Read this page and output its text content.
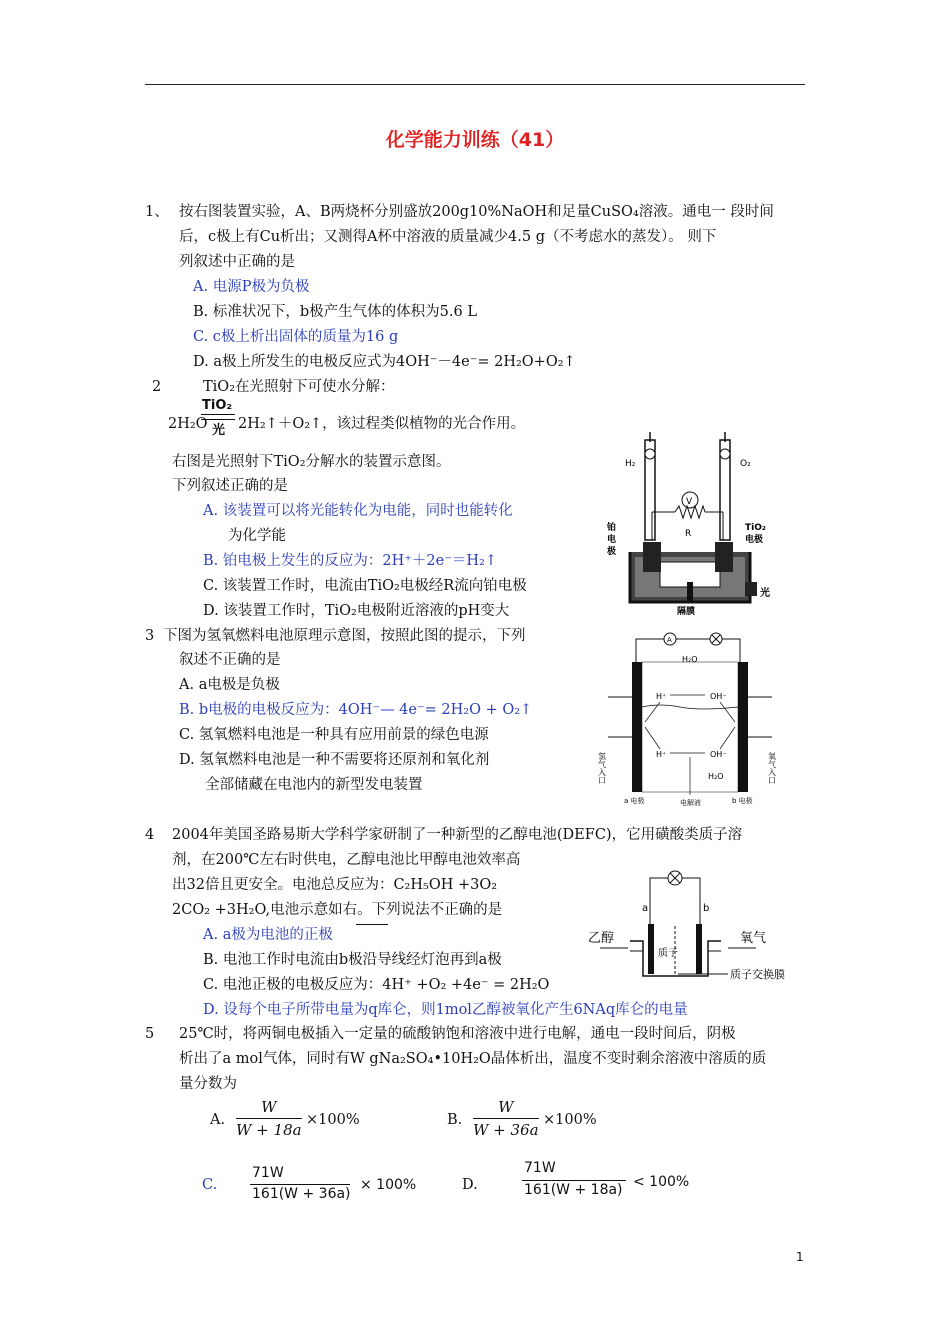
化学能力训练（41）
1、 按右图装置实验，A、B两烧杯分别盛放200g10%NaOH和足量CuSO₄溶液。通电一 段时间
后，c极上有Cu析出；又测得A杯中溶液的质量减少4.5 g（不考虑水的蒸发）。 则下
列叙述中正确的是
A. 电源P极为负极
B. 标准状况下，b极产生气体的体积为5.6 L
C. c极上析出固体的质量为16 g
D. a极上所发生的电极反应式为4OH⁻－4e⁻= 2H₂O+O₂↑
2	TiO₂在光照射下可使水分解：
2H₂O
TiO₂
光 2H₂↑＋O₂↑，该过程类似植物的光合作用。
右图是光照射下TiO₂分解水的装置示意图。
下列叙述正确的是
A. 该装置可以将光能转化为电能，同时也能转化
为化学能
B. 铂电极上发生的反应为：2H⁺＋2e⁻＝H₂↑
C. 该装置工作时，电流由TiO₂电极经R流向铂电极
D. 该装置工作时，TiO₂电极附近溶液的pH变大
H₂	O₂
V
R
铂
电
极
TiO₂
电极
光
隔膜
3 下图为氢氧燃料电池原理示意图，按照此图的提示，下列
叙述不正确的是
A. a电极是负极
B. b电极的电极反应为：4OH⁻— 4e⁻= 2H₂O + O₂↑
C. 氢氧燃料电池是一种具有应用前景的绿色电源
D. 氢氧燃料电池是一种不需要将还原剂和氧化剂
全部储藏在电池内的新型发电装置
A
H₂O
H⁺	OH⁻
H⁺	OH⁻
H₂O
氢气入口	氧气入口
a 电极	电解液	b 电极
4 2004年美国圣路易斯大学科学家研制了一种新型的乙醇电池(DEFC)，它用磺酸类质子溶
剂，在200℃左右时供电，乙醇电池比甲醇电池效率高
出32倍且更安全。电池总反应为：C₂H₅OH +3O₂
2CO₂ +3H₂O,电池示意如右。下列说法不正确的是
A. a极为电池的正极
B. 电池工作时电流由b极沿导线经灯泡再到a极
C. 电池正极的电极反应为：4H⁺ +O₂ +4e⁻ = 2H₂O
D. 设每个电子所带电量为q库仑，则1mol乙醇被氧化产生6NAq库仑的电量
a	b
质子
乙醇	氧气
质子交换膜
5 25℃时，将两铜电极插入一定量的硫酸钠饱和溶液中进行电解，通电一段时间后，阴极
析出了a mol气体，同时有W gNa₂SO₄•10H₂O晶体析出，温度不变时剩余溶液中溶质的质
量分数为
A.
W
W + 18a
×100%	B.
W
W + 36a
×100%
C.
71W
161(W + 36a)
× 100%	D.
71W
161(W + 18a) < 100%
1
